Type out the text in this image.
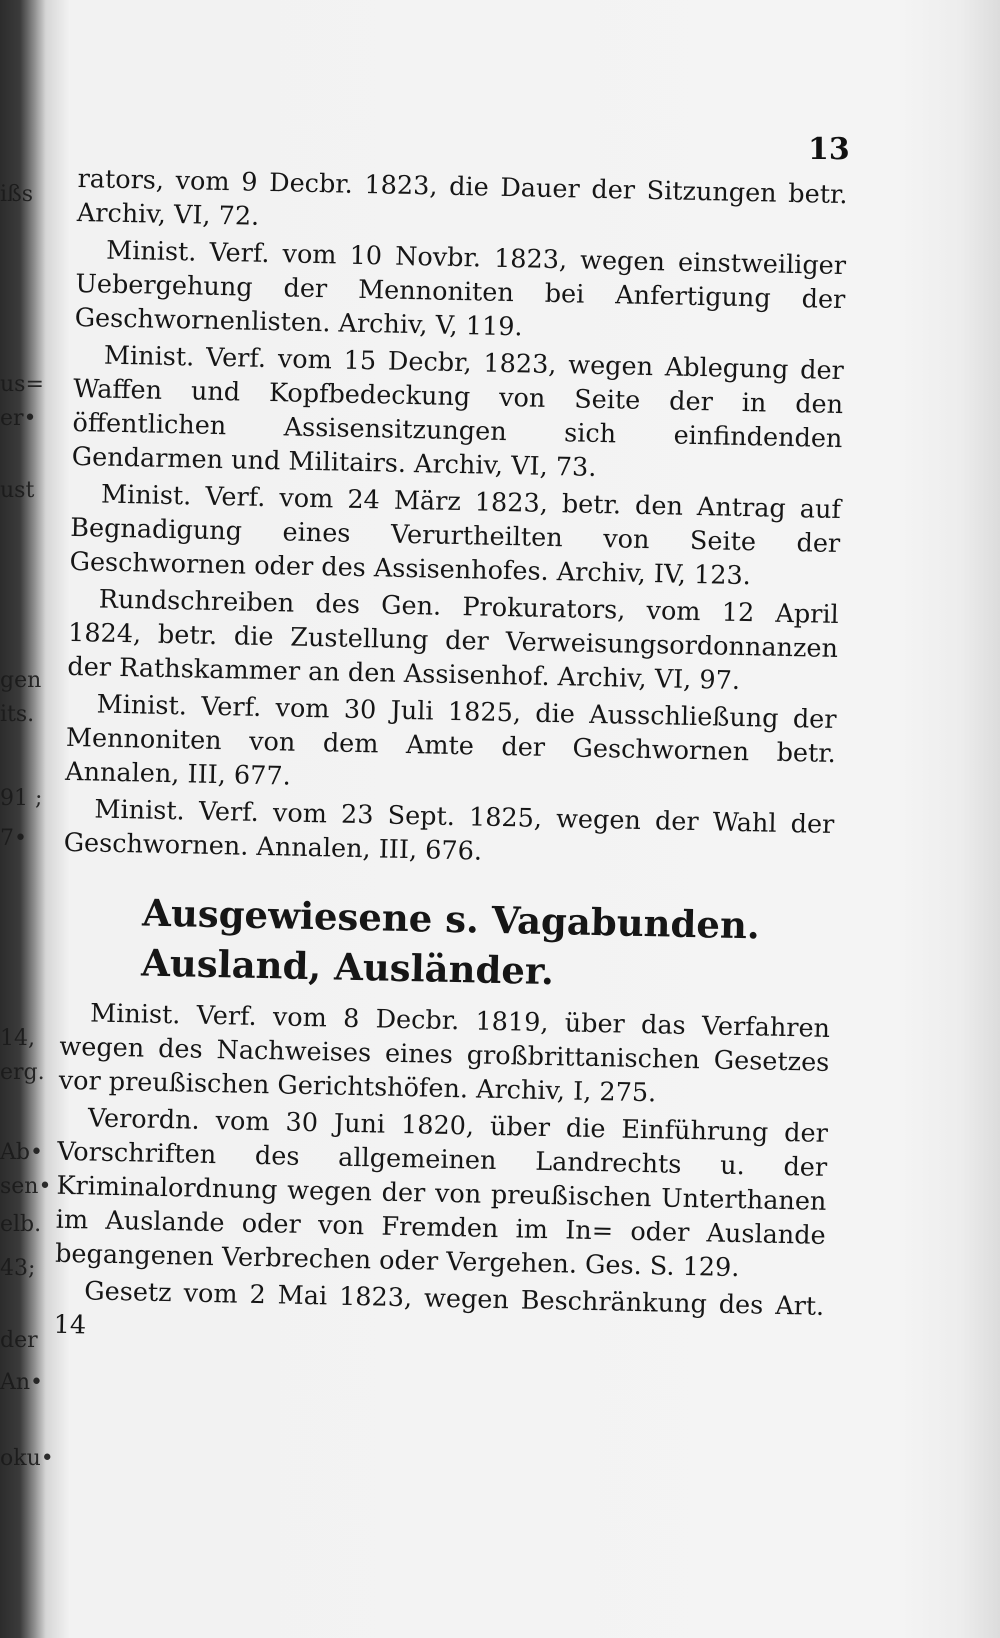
ißs
us=
er•
ust
gen
its.
91 ;
7•
14,
erg.
Ab•
sen•
elb.
43;
der
An•
oku•
13

rators, vom 9 Decbr. 1823, die Dauer der Sitzungen betr. Archiv, VI, 72.

Minist. Verf. vom 10 Novbr. 1823, wegen einstweiliger Uebergehung der Mennoniten bei Anfertigung der Geschwornenlisten. Archiv, V, 119.

Minist. Verf. vom 15 Decbr, 1823, wegen Ablegung der Waffen und Kopfbedeckung von Seite der in den öffentlichen Assisensitzungen sich einfindenden Gendarmen und Militairs. Archiv, VI, 73.

Minist. Verf. vom 24 März 1823, betr. den Antrag auf Begnadigung eines Verurtheilten von Seite der Geschwornen oder des Assisenhofes. Archiv, IV, 123.

Rundschreiben des Gen. Prokurators, vom 12 April 1824, betr. die Zustellung der Verweisungsordonnanzen der Rathskammer an den Assisenhof. Archiv, VI, 97.

Minist. Verf. vom 30 Juli 1825, die Ausschließung der Mennoniten von dem Amte der Geschwornen betr. Annalen, III, 677.

Minist. Verf. vom 23 Sept. 1825, wegen der Wahl der Geschwornen. Annalen, III, 676.

Ausgewiesene s. Vagabunden.
Ausland, Ausländer.

Minist. Verf. vom 8 Decbr. 1819, über das Verfahren wegen des Nachweises eines großbrittanischen Gesetzes vor preußischen Gerichtshöfen. Archiv, I, 275.

Verordn. vom 30 Juni 1820, über die Einführung der Vorschriften des allgemeinen Landrechts u. der Kriminalordnung wegen der von preußischen Unterthanen im Auslande oder von Fremden im In= oder Auslande begangenen Verbrechen oder Vergehen. Ges. S. 129.

Gesetz vom 2 Mai 1823, wegen Beschränkung des Art. 14
